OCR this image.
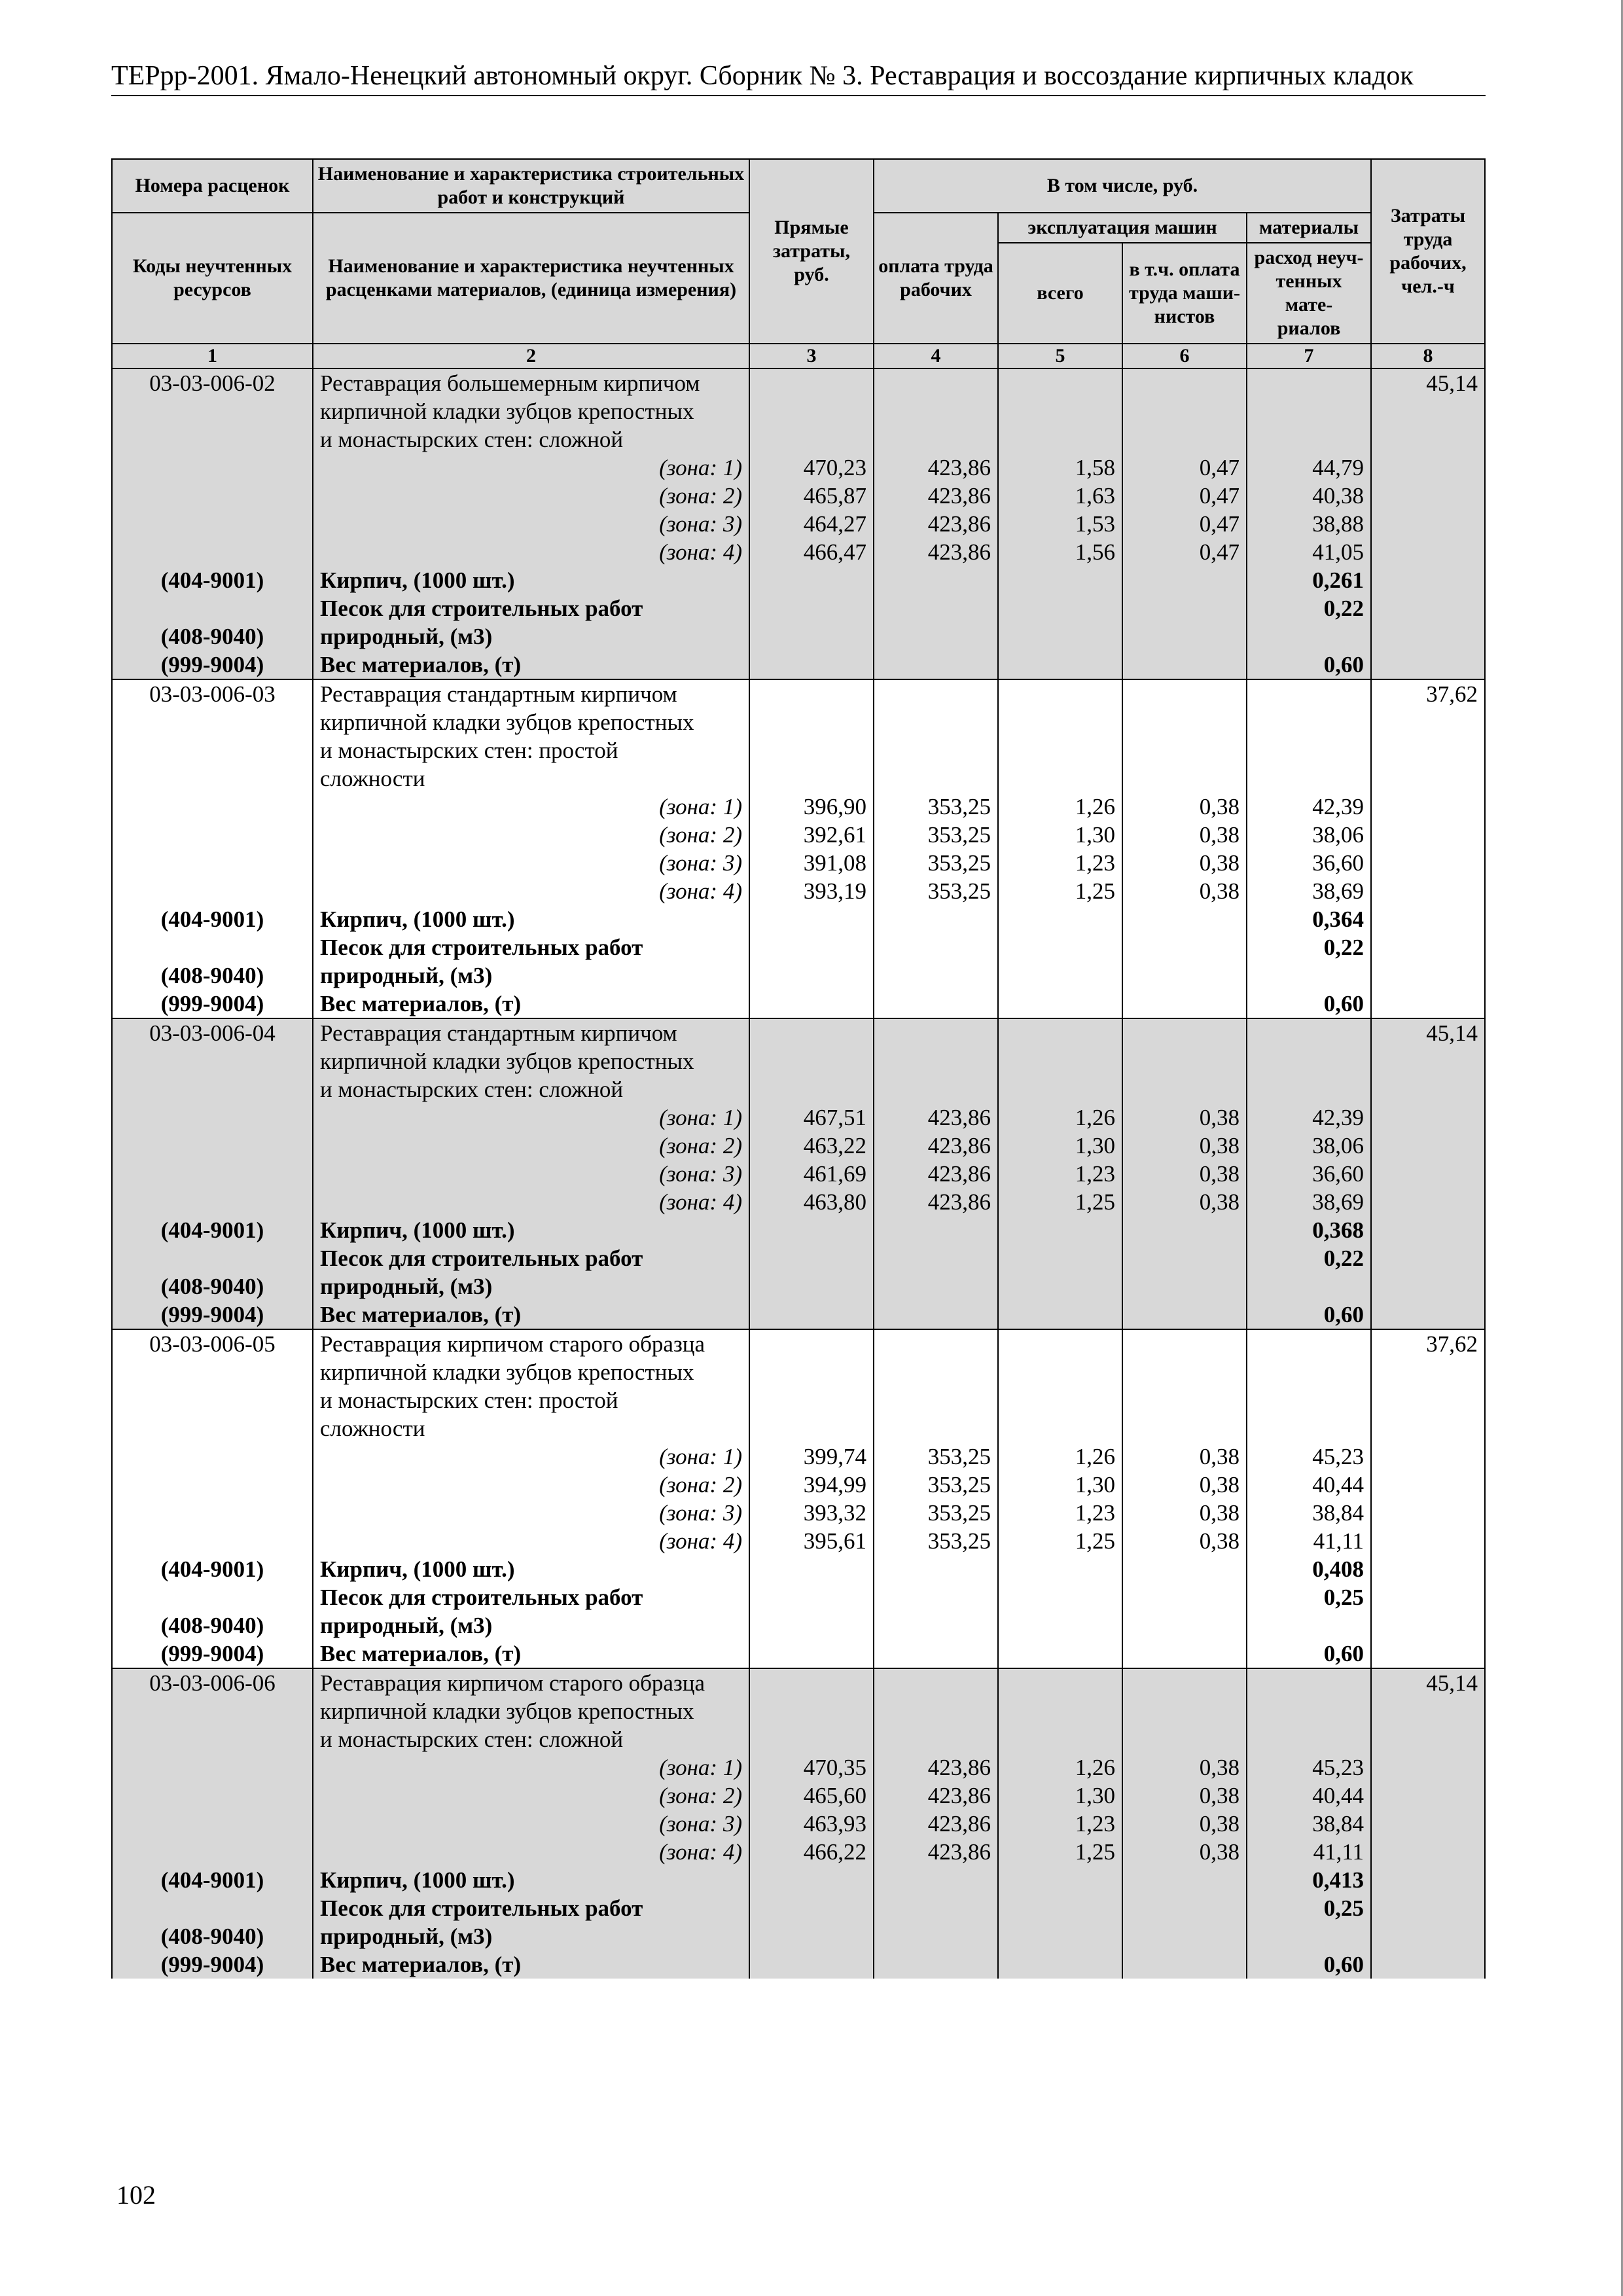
ТЕРрр-2001. Ямало-Ненецкий автономный округ. Сборник № 3. Реставрация и воссоздание кирпичных кладок
Номера расценок	Наименование и характеристика строительных работ и конструкций	Прямые затраты, руб.	В том числе, руб.				Затраты труда рабочих, чел.-ч
Коды неучтенных ресурсов	Наименование и характеристика неучтенных расценками материалов, (единица измерения)		оплата труда рабочих	эксплуатация машин		материалы	
				всего	в т.ч. оплата труда маши- нистов	расход неуч- тенных мате- риалов	
1	2	3	4	5	6	7	8
03-03-006-02	Реставрация большемерным кирпичом						45,14
	кирпичной кладки зубцов крепостных						
	и монастырских стен: сложной						
	(зона: 1)	470,23	423,86	1,58	0,47	44,79	
	(зона: 2)	465,87	423,86	1,63	0,47	40,38	
	(зона: 3)	464,27	423,86	1,53	0,47	38,88	
	(зона: 4)	466,47	423,86	1,56	0,47	41,05	
(404-9001)	Кирпич, (1000 шт.)					0,261	
	Песок для строительных работ					0,22	
(408-9040)	природный, (м3)						
(999-9004)	Вес материалов, (т)					0,60	
03-03-006-03	Реставрация стандартным кирпичом						37,62
	кирпичной кладки зубцов крепостных						
	и монастырских стен: простой						
	сложности						
	(зона: 1)	396,90	353,25	1,26	0,38	42,39	
	(зона: 2)	392,61	353,25	1,30	0,38	38,06	
	(зона: 3)	391,08	353,25	1,23	0,38	36,60	
	(зона: 4)	393,19	353,25	1,25	0,38	38,69	
(404-9001)	Кирпич, (1000 шт.)					0,364	
	Песок для строительных работ					0,22	
(408-9040)	природный, (м3)						
(999-9004)	Вес материалов, (т)					0,60	
03-03-006-04	Реставрация стандартным кирпичом						45,14
	кирпичной кладки зубцов крепостных						
	и монастырских стен: сложной						
	(зона: 1)	467,51	423,86	1,26	0,38	42,39	
	(зона: 2)	463,22	423,86	1,30	0,38	38,06	
	(зона: 3)	461,69	423,86	1,23	0,38	36,60	
	(зона: 4)	463,80	423,86	1,25	0,38	38,69	
(404-9001)	Кирпич, (1000 шт.)					0,368	
	Песок для строительных работ					0,22	
(408-9040)	природный, (м3)						
(999-9004)	Вес материалов, (т)					0,60	
03-03-006-05	Реставрация кирпичом старого образца						37,62
	кирпичной кладки зубцов крепостных						
	и монастырских стен: простой						
	сложности						
	(зона: 1)	399,74	353,25	1,26	0,38	45,23	
	(зона: 2)	394,99	353,25	1,30	0,38	40,44	
	(зона: 3)	393,32	353,25	1,23	0,38	38,84	
	(зона: 4)	395,61	353,25	1,25	0,38	41,11	
(404-9001)	Кирпич, (1000 шт.)					0,408	
	Песок для строительных работ					0,25	
(408-9040)	природный, (м3)						
(999-9004)	Вес материалов, (т)					0,60	
03-03-006-06	Реставрация кирпичом старого образца						45,14
	кирпичной кладки зубцов крепостных						
	и монастырских стен: сложной						
	(зона: 1)	470,35	423,86	1,26	0,38	45,23	
	(зона: 2)	465,60	423,86	1,30	0,38	40,44	
	(зона: 3)	463,93	423,86	1,23	0,38	38,84	
	(зона: 4)	466,22	423,86	1,25	0,38	41,11	
(404-9001)	Кирпич, (1000 шт.)					0,413	
	Песок для строительных работ					0,25	
(408-9040)	природный, (м3)						
(999-9004)	Вес материалов, (т)					0,60	
102
